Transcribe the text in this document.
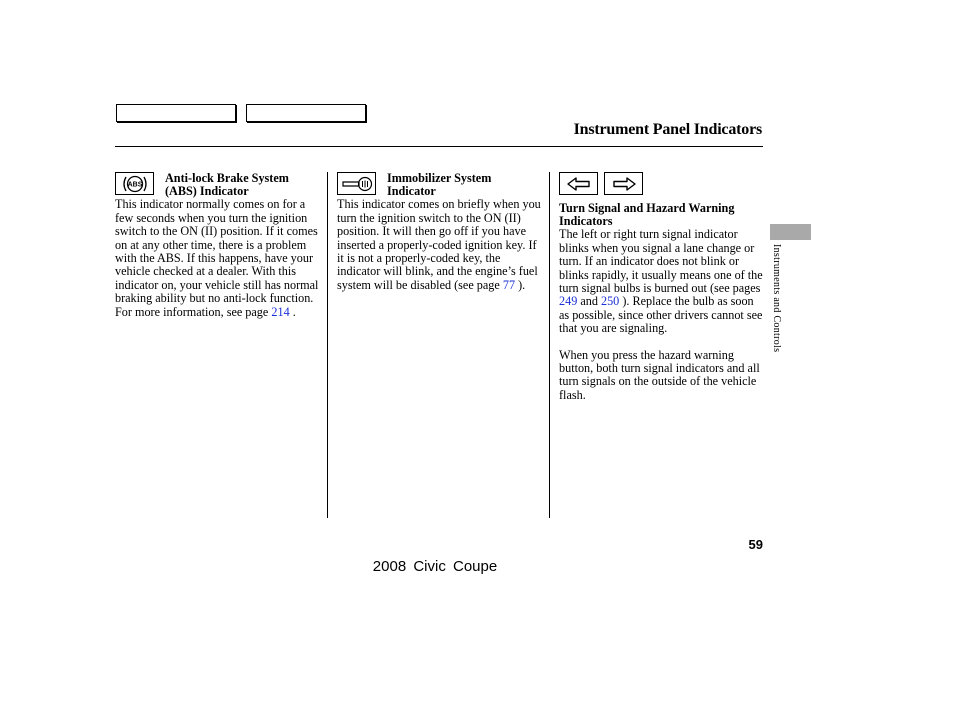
Instrument Panel Indicators
ABS Anti-lock Brake System (ABS) Indicator

This indicator normally comes on for a few seconds when you turn the ignition switch to the ON (II) position. If it comes on at any other time, there is a problem with the ABS. If this happens, have your vehicle checked at a dealer. With this indicator on, your vehicle still has normal braking ability but no anti-lock function. For more information, see page 214 .

Immobilizer System Indicator

This indicator comes on briefly when you turn the ignition switch to the ON (II) position. It will then go off if you have inserted a properly-coded ignition key. If it is not a properly-coded key, the indicator will blink, and the engine’s fuel system will be disabled (see page 77 ).

Turn Signal and Hazard Warning Indicators

The left or right turn signal indicator blinks when you signal a lane change or turn. If an indicator does not blink or blinks rapidly, it usually means one of the turn signal bulbs is burned out (see pages 249 and 250 ). Replace the bulb as soon as possible, since other drivers cannot see that you are signaling.

When you press the hazard warning button, both turn signal indicators and all turn signals on the outside of the vehicle flash.

Instruments and Controls
59
2008 Civic Coupe
